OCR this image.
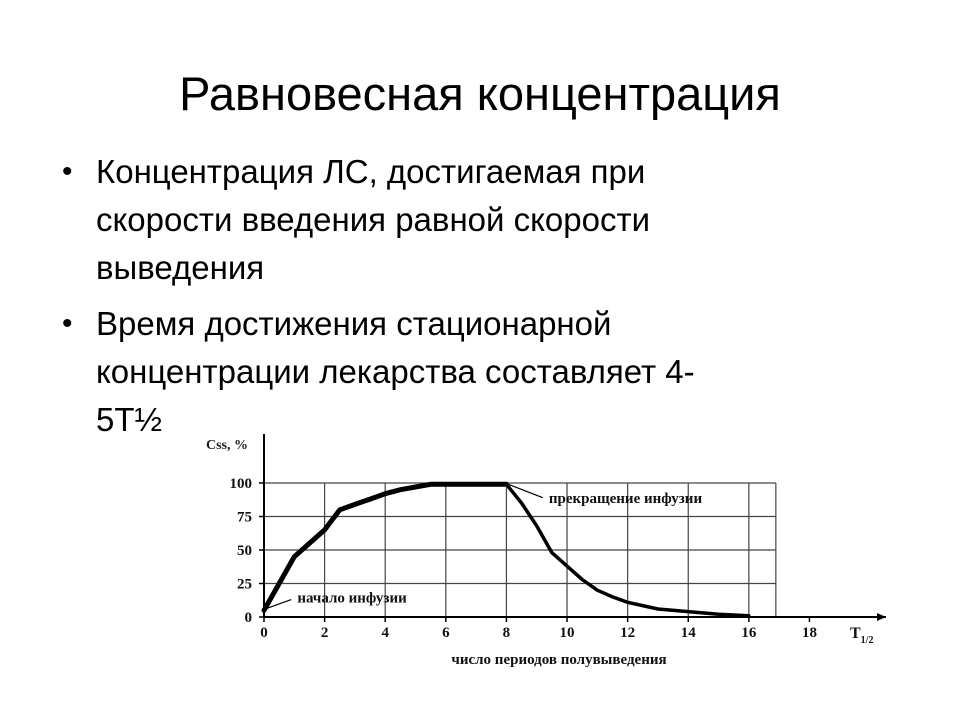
Равновесная концентрация
• Концентрация ЛС, достигаемая при
скорости введения равной скорости
выведения
• Время достижения стационарной
концентрации лекарства составляет 4-
5T½
0
25
50
75
100
0	2	4	6	8	10	12	14	16	18
Css, %
число периодов полувыведения
$T_{1/2}$
начало инфузии
прекращение инфузии
